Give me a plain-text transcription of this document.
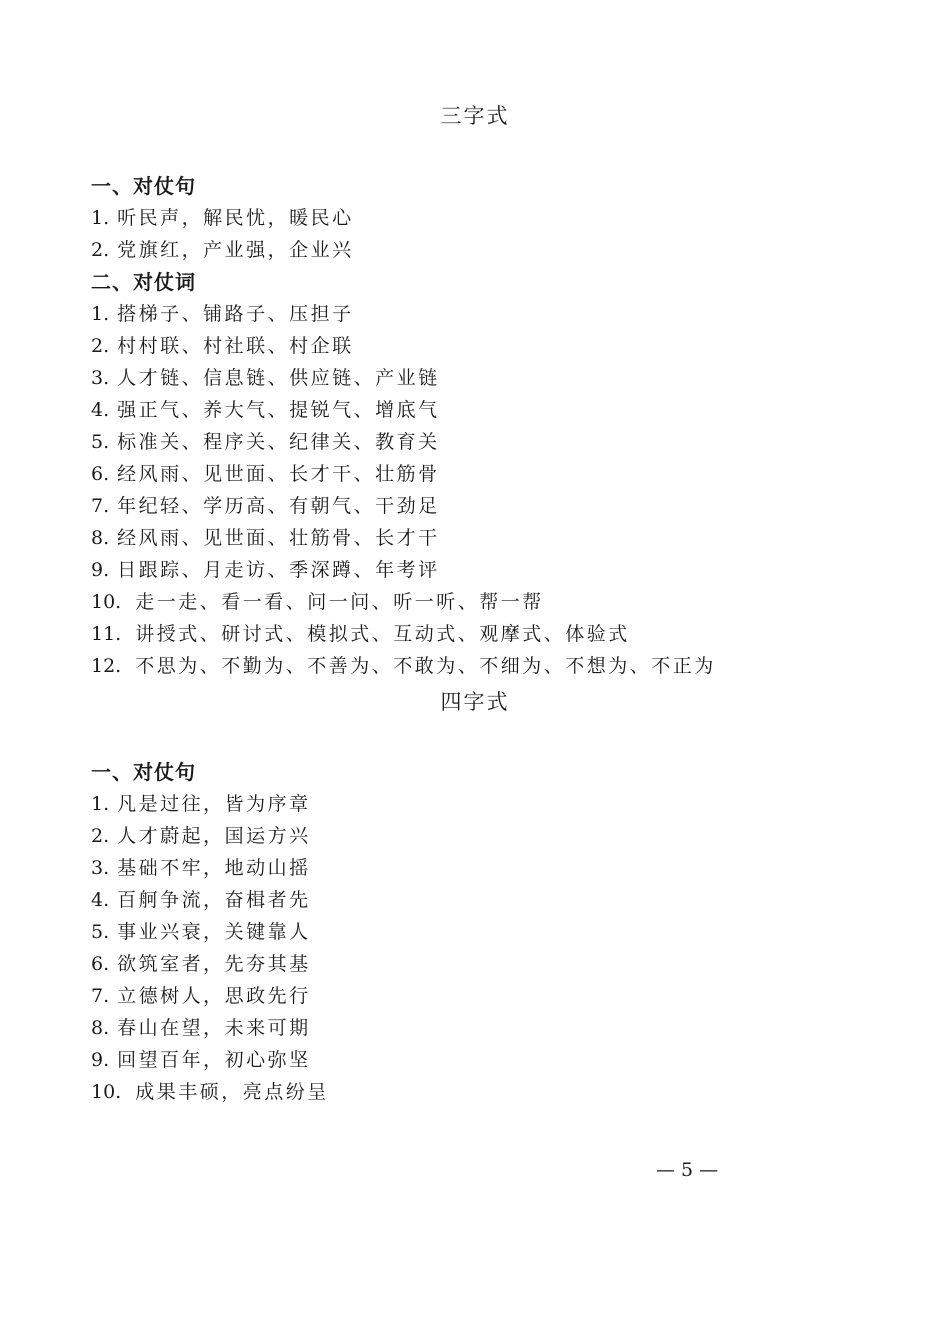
三字式
一、对仗句
1. 听民声，解民忧，暖民心
2. 党旗红，产业强，企业兴
二、对仗词
1. 搭梯子、铺路子、压担子
2. 村村联、村社联、村企联
3. 人才链、信息链、供应链、产业链
4. 强正气、养大气、提锐气、增底气
5. 标准关、程序关、纪律关、教育关
6. 经风雨、见世面、长才干、壮筋骨
7. 年纪轻、学历高、有朝气、干劲足
8. 经风雨、见世面、壮筋骨、长才干
9. 日跟踪、月走访、季深蹲、年考评
10. 走一走、看一看、问一问、听一听、帮一帮
11. 讲授式、研讨式、模拟式、互动式、观摩式、体验式
12. 不思为、不勤为、不善为、不敢为、不细为、不想为、不正为
四字式
一、对仗句
1. 凡是过往，皆为序章
2. 人才蔚起，国运方兴
3. 基础不牢，地动山摇
4. 百舸争流，奋楫者先
5. 事业兴衰，关键靠人
6. 欲筑室者，先夯其基
7. 立德树人，思政先行
8. 春山在望，未来可期
9. 回望百年，初心弥坚
10. 成果丰硕，亮点纷呈
— 5 —
